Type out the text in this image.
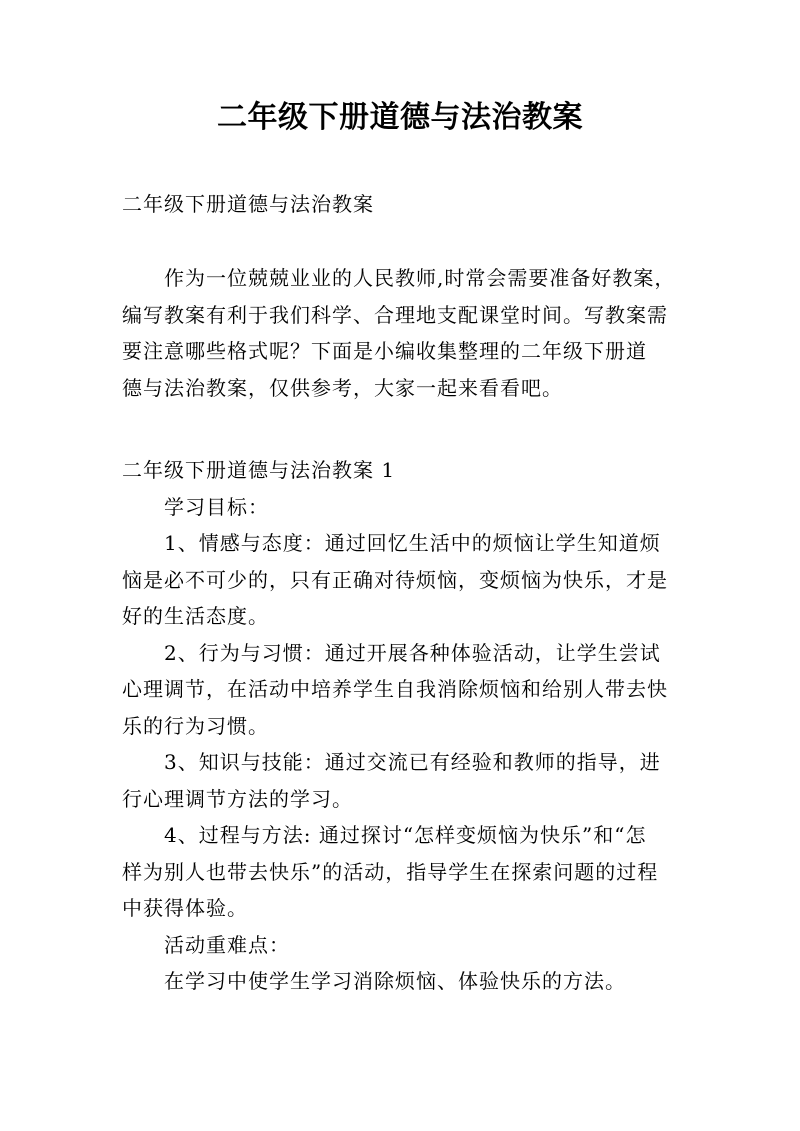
二年级下册道德与法治教案
二年级下册道德与法治教案
作为一位兢兢业业的人民教师,时常会需要准备好教案，
编写教案有利于我们科学、合理地支配课堂时间。写教案需
要注意哪些格式呢？下面是小编收集整理的二年级下册道
德与法治教案，仅供参考，大家一起来看看吧。
二年级下册道德与法治教案 1
学习目标：
1、情感与态度：通过回忆生活中的烦恼让学生知道烦
恼是必不可少的，只有正确对待烦恼，变烦恼为快乐，才是
好的生活态度。
2、行为与习惯：通过开展各种体验活动，让学生尝试
心理调节，在活动中培养学生自我消除烦恼和给别人带去快
乐的行为习惯。
3、知识与技能：通过交流已有经验和教师的指导，进
行心理调节方法的学习。
4、过程与方法: 通过探讨“怎样变烦恼为快乐”和“怎
样为别人也带去快乐”的活动，指导学生在探索问题的过程
中获得体验。
活动重难点：
在学习中使学生学习消除烦恼、体验快乐的方法。
